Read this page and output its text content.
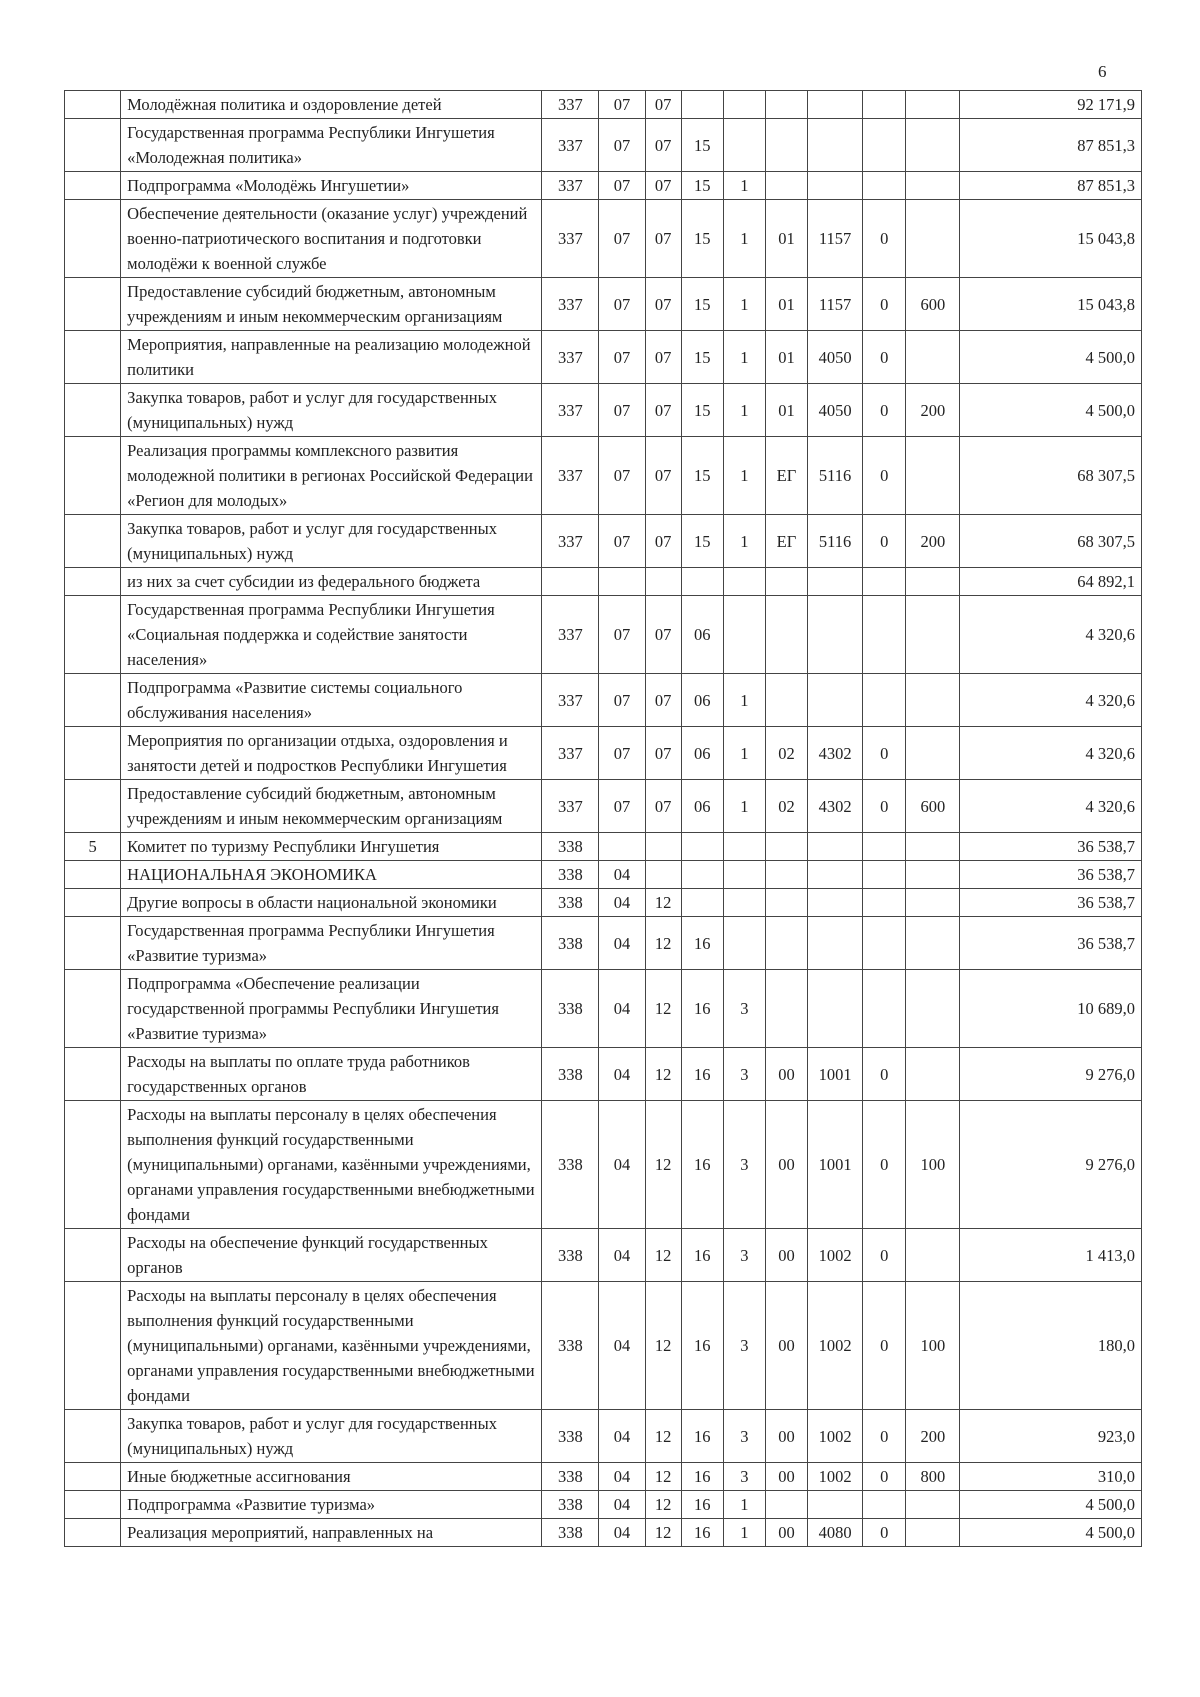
6
	Молодёжная политика и оздоровление детей	337	07	07							92 171,9
	Государственная программа Республики Ингушетия «Молодежная политика»	337	07	07	15						87 851,3
	Подпрограмма «Молодёжь Ингушетии»	337	07	07	15	1					87 851,3
	Обеспечение деятельности (оказание услуг) учреждений военно-патриотического воспитания и подготовки молодёжи к военной службе	337	07	07	15	1	01	1157	0		15 043,8
	Предоставление субсидий бюджетным, автономным учреждениям и иным некоммерческим организациям	337	07	07	15	1	01	1157	0	600	15 043,8
	Мероприятия, направленные на реализацию молодежной политики	337	07	07	15	1	01	4050	0		4 500,0
	Закупка товаров, работ и услуг для государственных (муниципальных) нужд	337	07	07	15	1	01	4050	0	200	4 500,0
	Реализация программы комплексного развития молодежной политики в регионах Российской Федерации «Регион для молодых»	337	07	07	15	1	ЕГ	5116	0		68 307,5
	Закупка товаров, работ и услуг для государственных (муниципальных) нужд	337	07	07	15	1	ЕГ	5116	0	200	68 307,5
	из них за счет субсидии из федерального бюджета										64 892,1
	Государственная программа Республики Ингушетия «Социальная поддержка и содействие занятости населения»	337	07	07	06						4 320,6
	Подпрограмма «Развитие системы социального обслуживания населения»	337	07	07	06	1					4 320,6
	Мероприятия по организации отдыха, оздоровления и занятости детей и подростков Республики Ингушетия	337	07	07	06	1	02	4302	0		4 320,6
	Предоставление субсидий бюджетным, автономным учреждениям и иным некоммерческим организациям	337	07	07	06	1	02	4302	0	600	4 320,6
5	Комитет по туризму Республики Ингушетия	338									36 538,7
	НАЦИОНАЛЬНАЯ ЭКОНОМИКА	338	04								36 538,7
	Другие вопросы в области национальной экономики	338	04	12							36 538,7
	Государственная программа Республики Ингушетия «Развитие туризма»	338	04	12	16						36 538,7
	Подпрограмма «Обеспечение реализации государственной программы Республики Ингушетия «Развитие туризма»	338	04	12	16	3					10 689,0
	Расходы на выплаты по оплате труда работников государственных органов	338	04	12	16	3	00	1001	0		9 276,0
	Расходы на выплаты персоналу в целях обеспечения выполнения функций государственными (муниципальными) органами, казёнными учреждениями, органами управления государственными внебюджетными фондами	338	04	12	16	3	00	1001	0	100	9 276,0
	Расходы на обеспечение функций государственных органов	338	04	12	16	3	00	1002	0		1 413,0
	Расходы на выплаты персоналу в целях обеспечения выполнения функций государственными (муниципальными) органами, казёнными учреждениями, органами управления государственными внебюджетными фондами	338	04	12	16	3	00	1002	0	100	180,0
	Закупка товаров, работ и услуг для государственных (муниципальных) нужд	338	04	12	16	3	00	1002	0	200	923,0
	Иные бюджетные ассигнования	338	04	12	16	3	00	1002	0	800	310,0
	Подпрограмма «Развитие туризма»	338	04	12	16	1					4 500,0
	Реализация мероприятий, направленных на	338	04	12	16	1	00	4080	0		4 500,0
